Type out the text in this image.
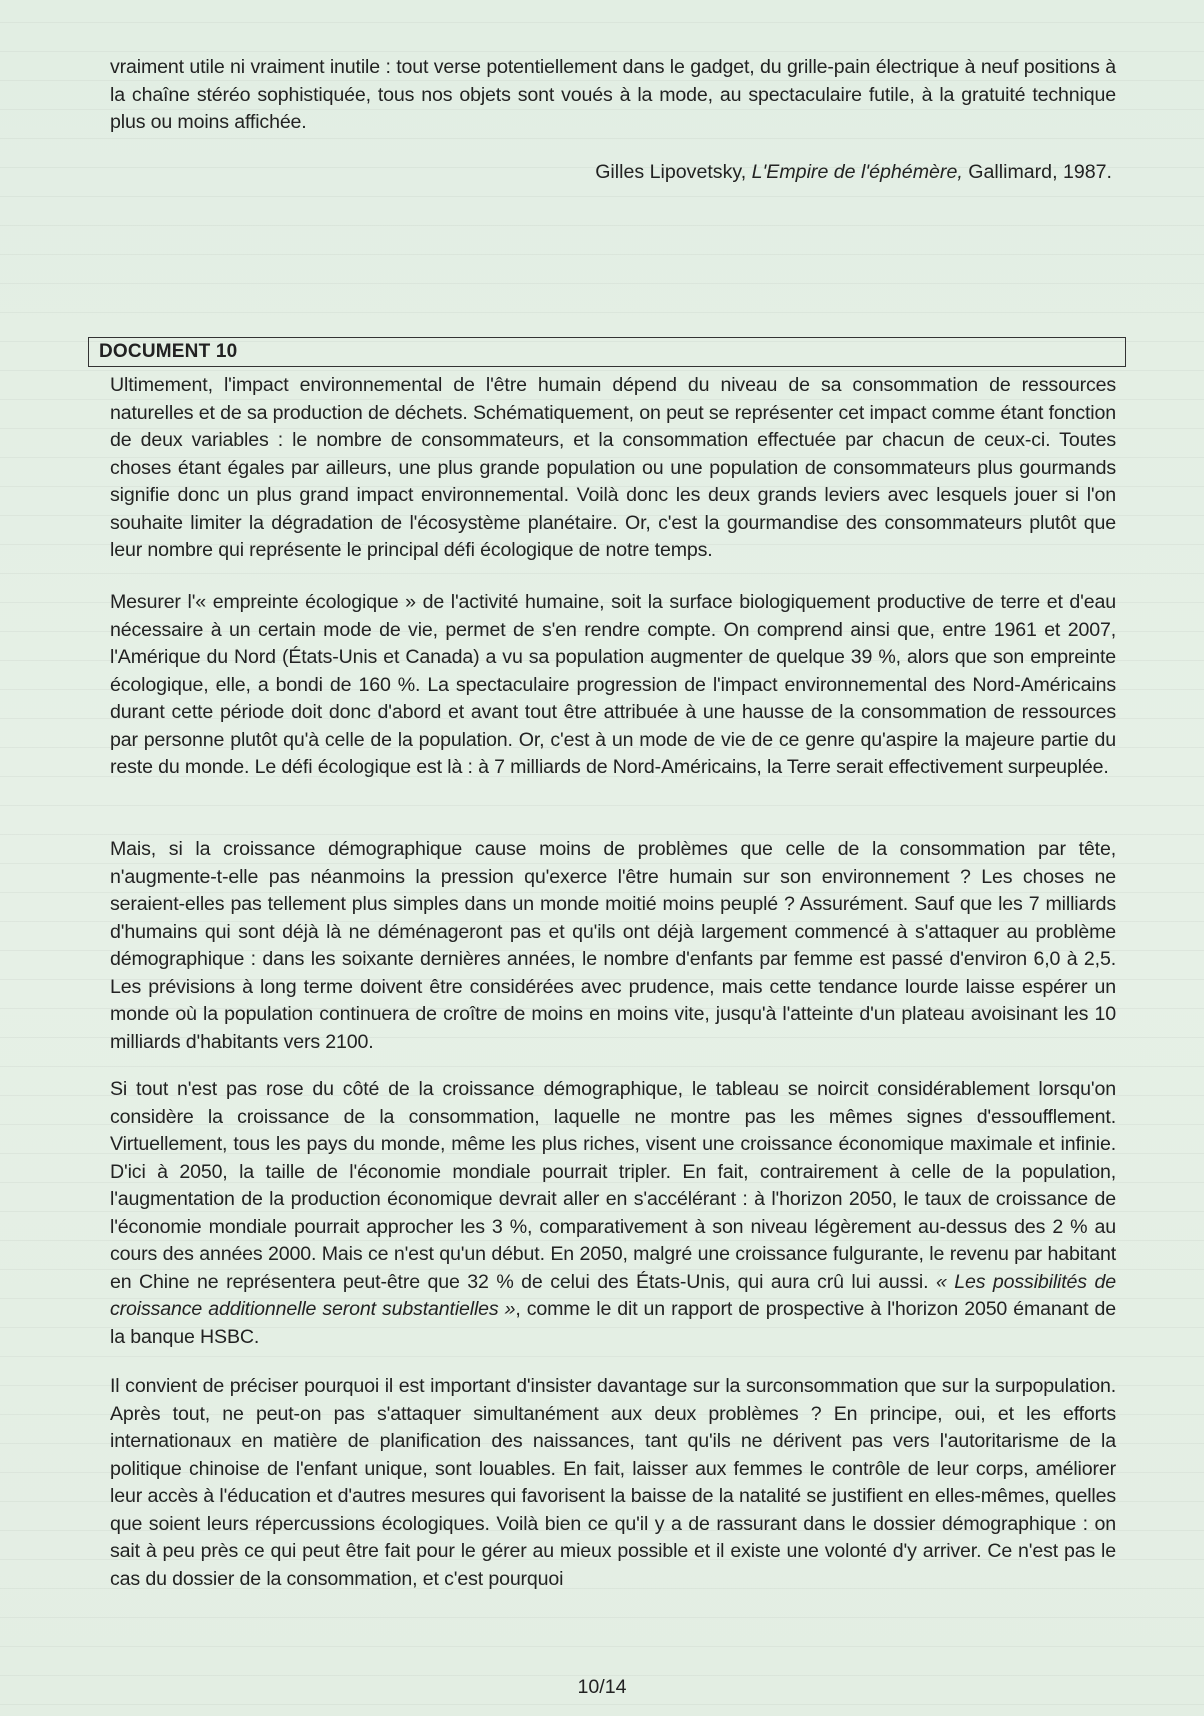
vraiment utile ni vraiment inutile : tout verse potentiellement dans le gadget, du grille-pain électrique à neuf positions à la chaîne stéréo sophistiquée, tous nos objets sont voués à la mode, au spectaculaire futile, à la gratuité technique plus ou moins affichée.

Gilles Lipovetsky, L'Empire de l'éphémère, Gallimard, 1987.

DOCUMENT 10

Ultimement, l'impact environnemental de l'être humain dépend du niveau de sa consommation de ressources naturelles et de sa production de déchets. Schématiquement, on peut se représenter cet impact comme étant fonction de deux variables : le nombre de consommateurs, et la consommation effectuée par chacun de ceux-ci. Toutes choses étant égales par ailleurs, une plus grande population ou une population de consommateurs plus gourmands signifie donc un plus grand impact environnemental. Voilà donc les deux grands leviers avec lesquels jouer si l'on souhaite limiter la dégradation de l'écosystème planétaire. Or, c'est la gourmandise des consommateurs plutôt que leur nombre qui représente le principal défi écologique de notre temps.

Mesurer l'« empreinte écologique » de l'activité humaine, soit la surface biologiquement productive de terre et d'eau nécessaire à un certain mode de vie, permet de s'en rendre compte. On comprend ainsi que, entre 1961 et 2007, l'Amérique du Nord (États-Unis et Canada) a vu sa population augmenter de quelque 39 %, alors que son empreinte écologique, elle, a bondi de 160 %. La spectaculaire progression de l'impact environnemental des Nord-Américains durant cette période doit donc d'abord et avant tout être attribuée à une hausse de la consommation de ressources par personne plutôt qu'à celle de la population. Or, c'est à un mode de vie de ce genre qu'aspire la majeure partie du reste du monde. Le défi écologique est là : à 7 milliards de Nord-Américains, la Terre serait effectivement surpeuplée.

Mais, si la croissance démographique cause moins de problèmes que celle de la consommation par tête, n'augmente-t-elle pas néanmoins la pression qu'exerce l'être humain sur son environnement ? Les choses ne seraient-elles pas tellement plus simples dans un monde moitié moins peuplé ? Assurément. Sauf que les 7 milliards d'humains qui sont déjà là ne déménageront pas et qu'ils ont déjà largement commencé à s'attaquer au problème démographique : dans les soixante dernières années, le nombre d'enfants par femme est passé d'environ 6,0 à 2,5. Les prévisions à long terme doivent être considérées avec prudence, mais cette tendance lourde laisse espérer un monde où la population continuera de croître de moins en moins vite, jusqu'à l'atteinte d'un plateau avoisinant les 10 milliards d'habitants vers 2100.

Si tout n'est pas rose du côté de la croissance démographique, le tableau se noircit considérablement lorsqu'on considère la croissance de la consommation, laquelle ne montre pas les mêmes signes d'essoufflement. Virtuellement, tous les pays du monde, même les plus riches, visent une croissance économique maximale et infinie. D'ici à 2050, la taille de l'économie mondiale pourrait tripler. En fait, contrairement à celle de la population, l'augmentation de la production économique devrait aller en s'accélérant : à l'horizon 2050, le taux de croissance de l'économie mondiale pourrait approcher les 3 %, comparativement à son niveau légèrement au-dessus des 2 % au cours des années 2000. Mais ce n'est qu'un début. En 2050, malgré une croissance fulgurante, le revenu par habitant en Chine ne représentera peut-être que 32 % de celui des États-Unis, qui aura crû lui aussi. « Les possibilités de croissance additionnelle seront substantielles », comme le dit un rapport de prospective à l'horizon 2050 émanant de la banque HSBC.

Il convient de préciser pourquoi il est important d'insister davantage sur la surconsommation que sur la surpopulation. Après tout, ne peut-on pas s'attaquer simultanément aux deux problèmes ? En principe, oui, et les efforts internationaux en matière de planification des naissances, tant qu'ils ne dérivent pas vers l'autoritarisme de la politique chinoise de l'enfant unique, sont louables. En fait, laisser aux femmes le contrôle de leur corps, améliorer leur accès à l'éducation et d'autres mesures qui favorisent la baisse de la natalité se justifient en elles-mêmes, quelles que soient leurs répercussions écologiques. Voilà bien ce qu'il y a de rassurant dans le dossier démographique : on sait à peu près ce qui peut être fait pour le gérer au mieux possible et il existe une volonté d'y arriver. Ce n'est pas le cas du dossier de la consommation, et c'est pourquoi

10/14
